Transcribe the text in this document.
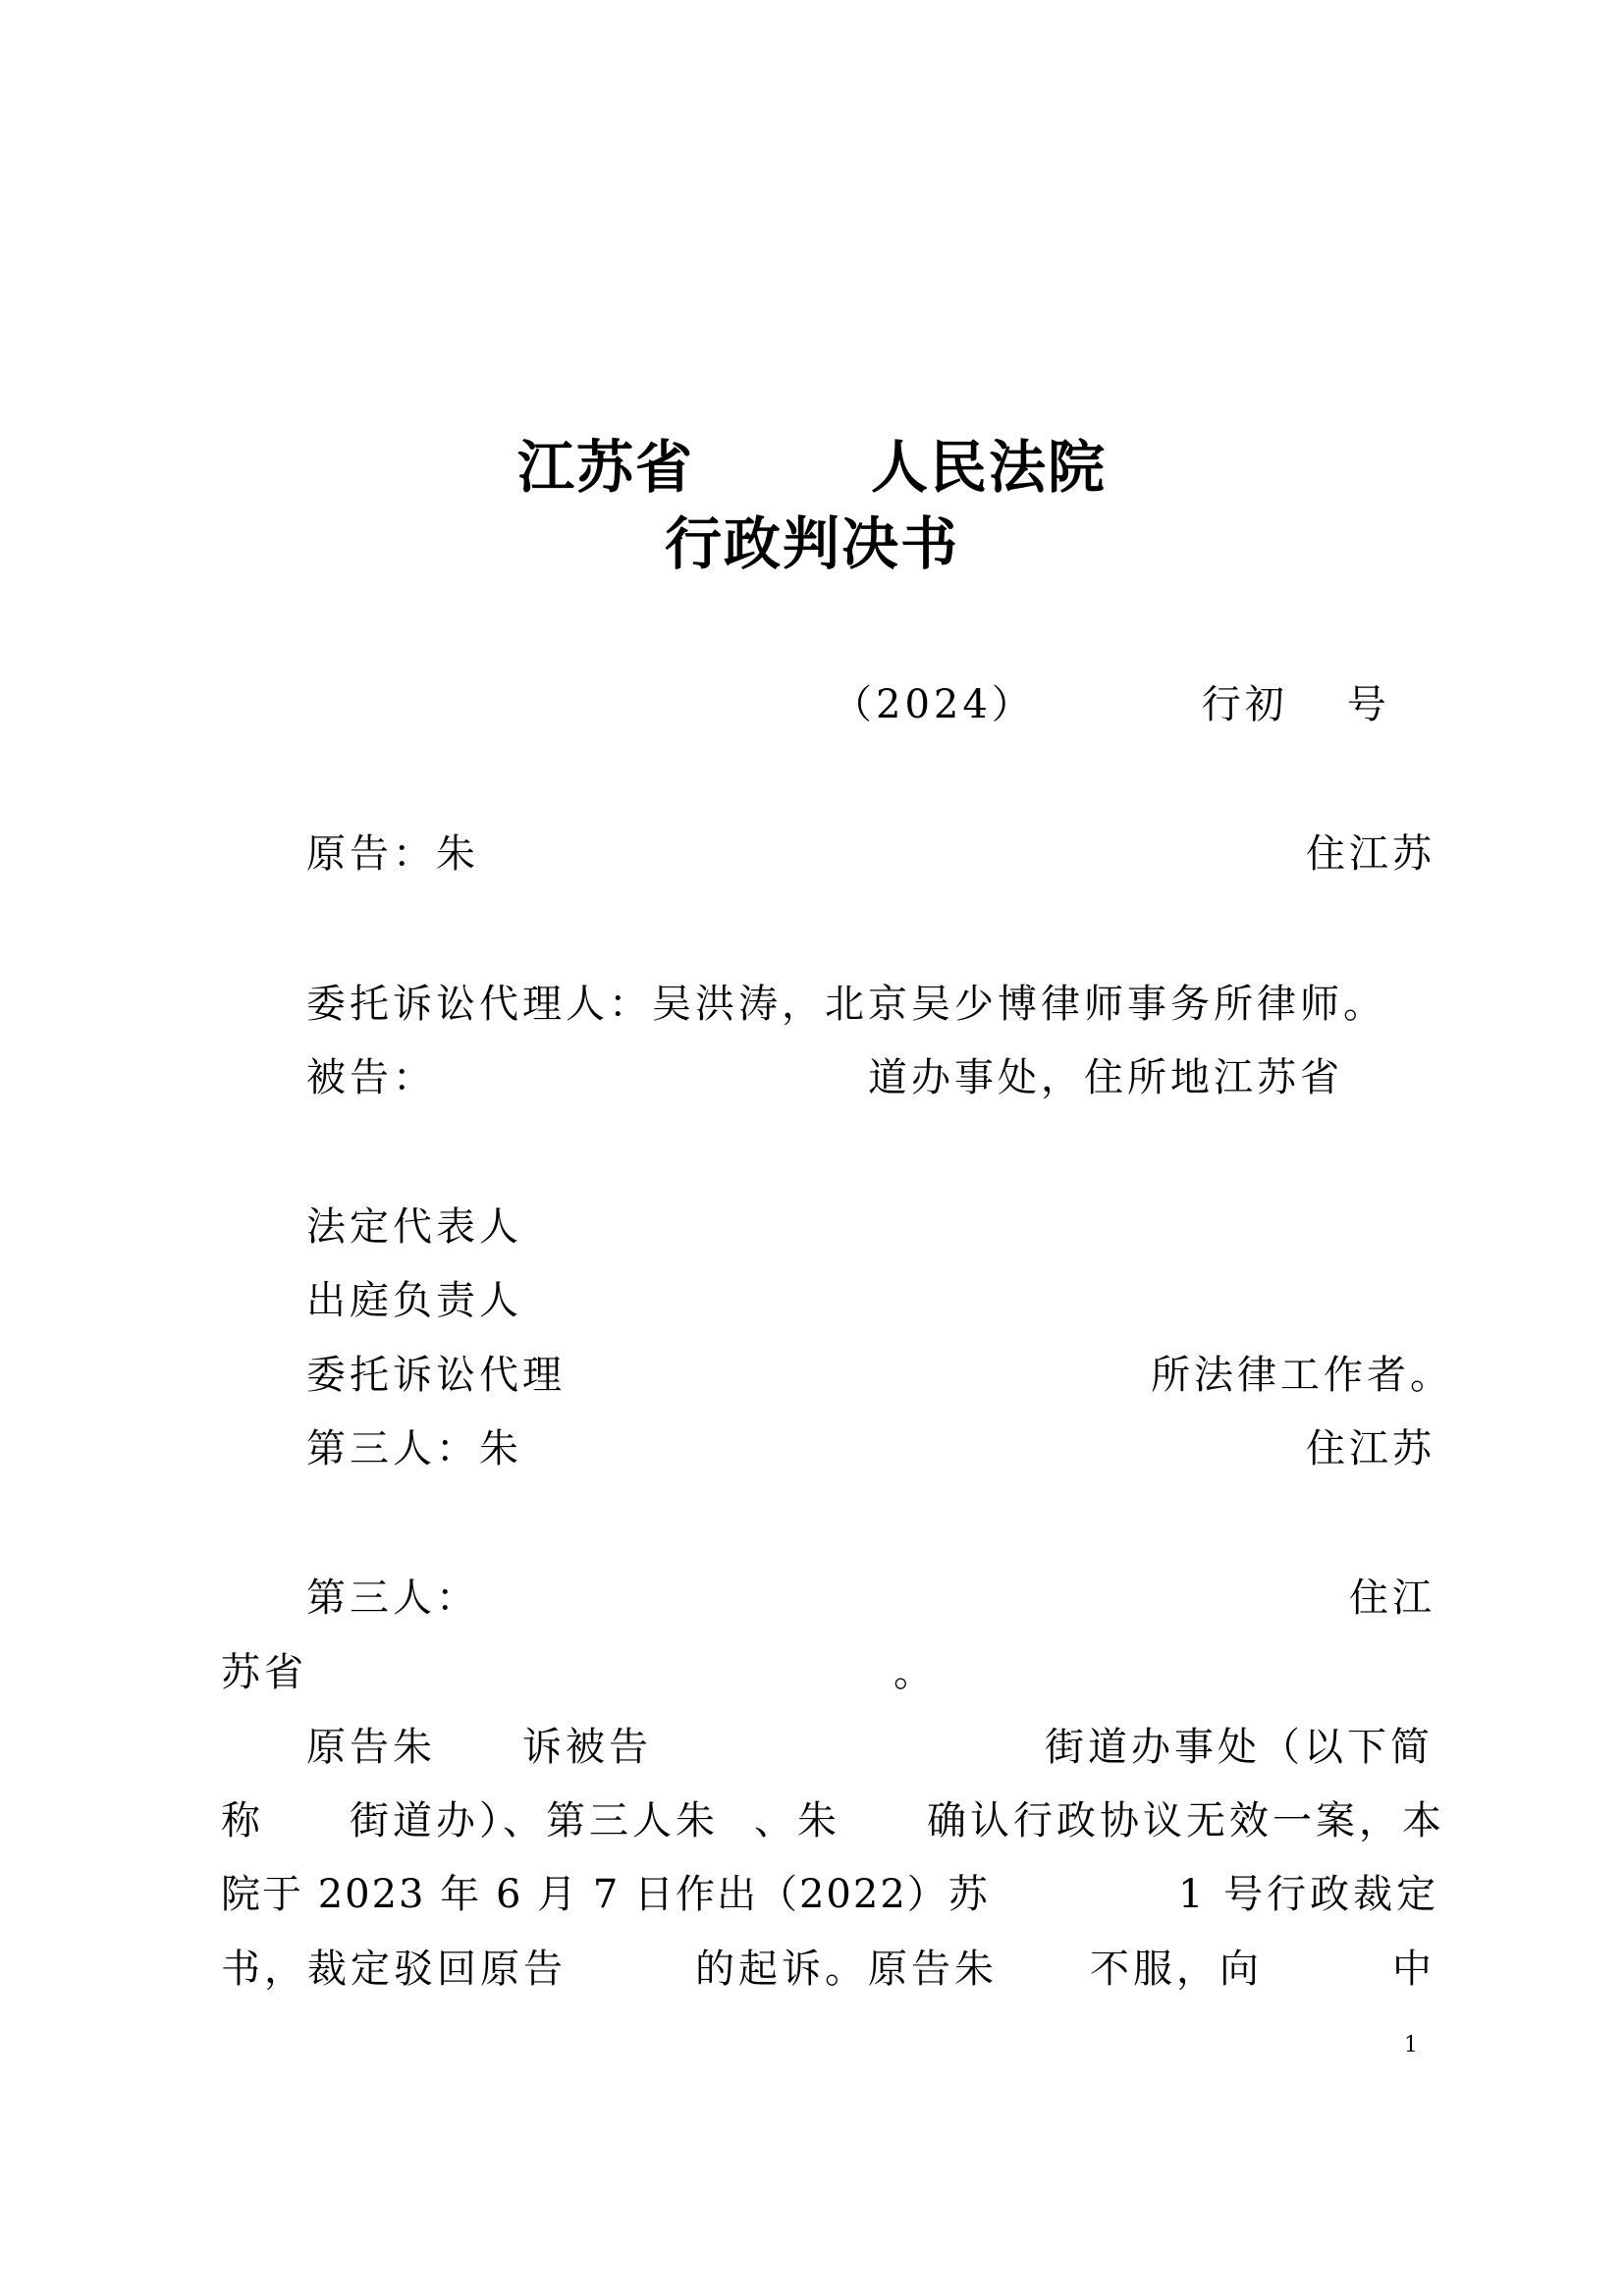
江苏省	人民法院
行政判决书
（2024）	行初 号
原告：朱	住江苏
委托诉讼代理人：吴洪涛，北京吴少博律师事务所律师。
被告：	道办事处，住所地江苏省
法定代表人
出庭负责人
委托诉讼代理	所法律工作者。
第三人：朱	住江苏
第三人：	住江
苏省	。
原告朱 诉被告	街道办事处（以下简
称 街道办）、第三人朱 、朱 确认行政协议无效一案，本
院于 2023 年 6 月 7 日作出（2022）苏	1 号行政裁定
书，裁定驳回原告	的起诉。原告朱 不服，向	中
1
